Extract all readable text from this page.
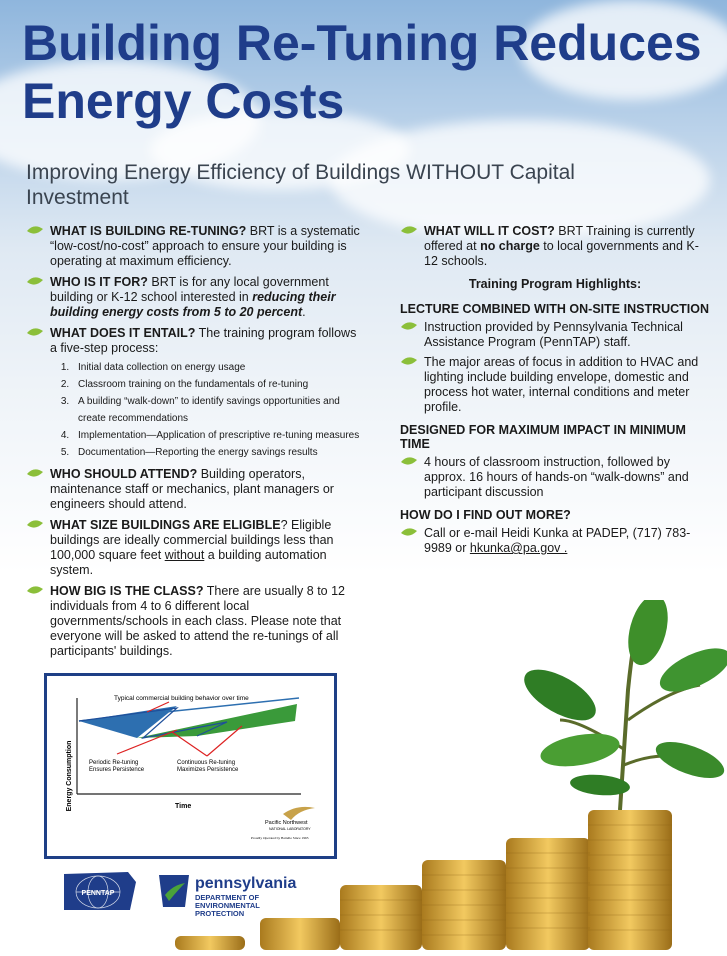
Building Re-Tuning Reduces Energy Costs

Improving Energy Efficiency of Buildings WITHOUT Capital Investment

WHAT IS BUILDING RE-TUNING? BRT is a systematic “low-cost/no-cost” approach to ensure your building is operating at maximum efficiency.
WHO IS IT FOR? BRT is for any local government building or K-12 school interested in reducing their building energy costs from 5 to 20 percent.
WHAT DOES IT ENTAIL? The training program follows a five-step process:
1. Initial data collection on energy usage
2. Classroom training on the fundamentals of re-tuning
3. A building “walk-down” to identify savings opportunities and create recommendations
4. Implementation—Application of prescriptive re-tuning measures
5. Documentation—Reporting the energy savings results
WHO SHOULD ATTEND? Building operators, maintenance staff or mechanics, plant managers or engineers should attend.
WHAT SIZE BUILDINGS ARE ELIGIBLE? Eligible buildings are ideally commercial buildings less than 100,000 square feet without a building automation system.
HOW BIG IS THE CLASS? There are usually 8 to 12 individuals from 4 to 6 different local governments/schools in each class. Please note that everyone will be asked to attend the re-tunings of all participants' buildings.
WHAT WILL IT COST? BRT Training is currently offered at no charge to local governments and K-12 schools.
Training Program Highlights:
LECTURE COMBINED WITH ON-SITE INSTRUCTION
Instruction provided by Pennsylvania Technical Assistance Program (PennTAP) staff.
The major areas of focus in addition to HVAC and lighting include building envelope, domestic and process hot water, internal conditions and meter profile.
DESIGNED FOR MAXIMUM IMPACT IN MINIMUM TIME
4 hours of classroom instruction, followed by approx. 16 hours of hands-on “walk-downs” and participant discussion
HOW DO I FIND OUT MORE?
Call or e-mail Heidi Kunka at PADEP, (717) 783-9989 or hkunka@pa.gov .
Energy Consumption
Typical commercial building behavior over time
Periodic Re-tuning Ensures Persistence
Continuous Re-tuning Maximizes Persistence
Time
Pacific Northwest
NATIONAL LABORATORY
Proudly Operated by Battelle Since 1965
PENNTAP
pennsylvania
DEPARTMENT OF ENVIRONMENTAL PROTECTION
